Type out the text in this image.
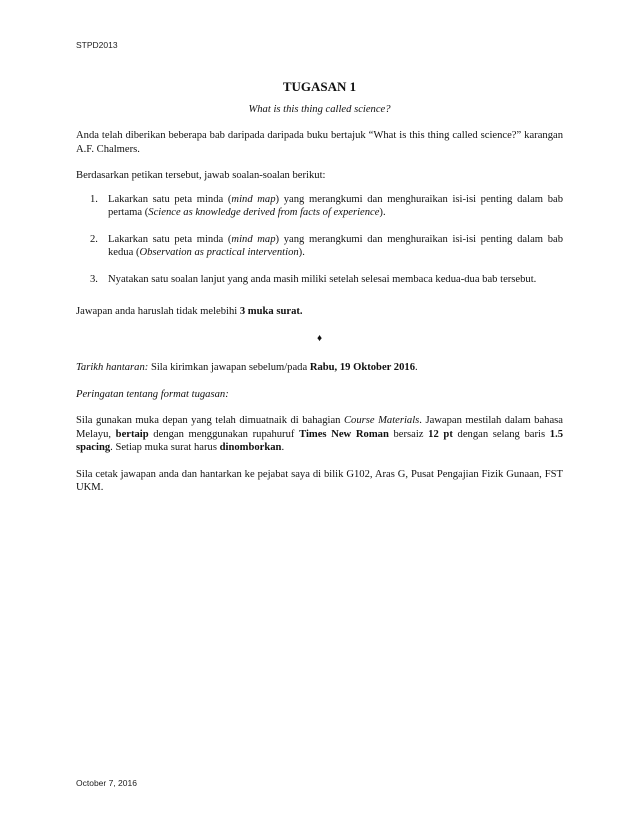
STPD2013
TUGASAN 1
What is this thing called science?

Anda telah diberikan beberapa bab daripada daripada buku bertajuk “What is this thing called science?” karangan A.F. Chalmers.

Berdasarkan petikan tersebut, jawab soalan-soalan berikut:

1. Lakarkan satu peta minda (mind map) yang merangkumi dan menghuraikan isi-isi penting dalam bab pertama (Science as knowledge derived from facts of experience).
2. Lakarkan satu peta minda (mind map) yang merangkumi dan menghuraikan isi-isi penting dalam bab kedua (Observation as practical intervention).
3. Nyatakan satu soalan lanjut yang anda masih miliki setelah selesai membaca kedua-dua bab tersebut.

Jawapan anda haruslah tidak melebihi 3 muka surat.

♦

Tarikh hantaran: Sila kirimkan jawapan sebelum/pada Rabu, 19 Oktober 2016.

Peringatan tentang format tugasan:

Sila gunakan muka depan yang telah dimuatnaik di bahagian Course Materials. Jawapan mestilah dalam bahasa Melayu, bertaip dengan menggunakan rupahuruf Times New Roman bersaiz 12 pt dengan selang baris 1.5 spacing. Setiap muka surat harus dinomborkan.

Sila cetak jawapan anda dan hantarkan ke pejabat saya di bilik G102, Aras G, Pusat Pengajian Fizik Gunaan, FST UKM.

October 7, 2016
